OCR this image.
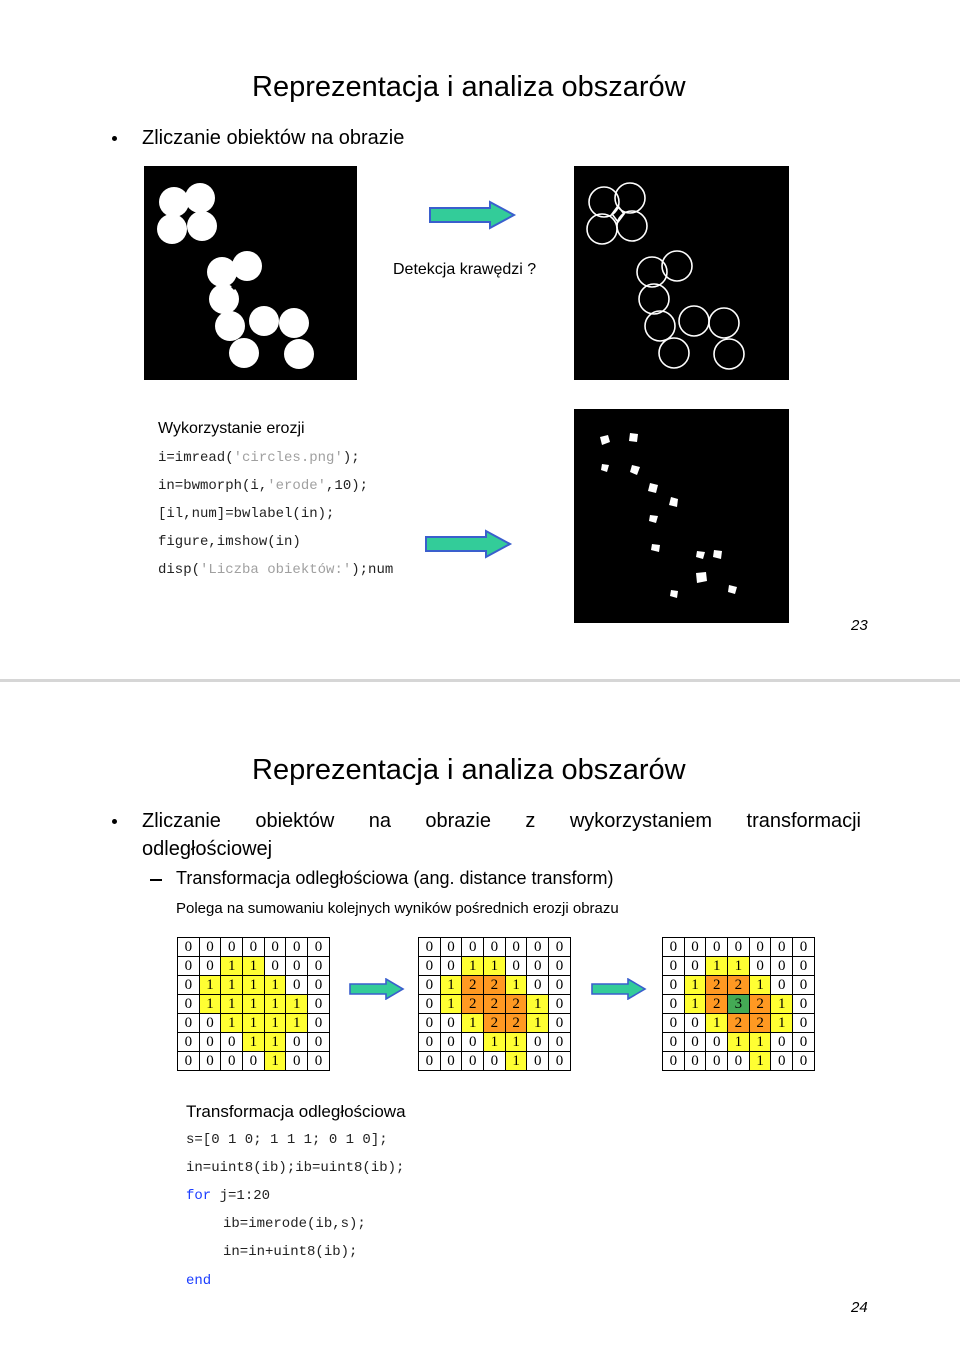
Reprezentacja i analiza obszarów
Zliczanie obiektów na obrazie
Detekcja krawędzi ?
Wykorzystanie erozji
i=imread('circles.png');
in=bwmorph(i,'erode',10);
[il,num]=bwlabel(in);
figure,imshow(in)
disp('Liczba obiektów:');num
23
Reprezentacja i analiza obszarów
Zliczanie obiektów na obrazie z wykorzystaniem transformacji
odległościowej
Transformacja odległościowa (ang. distance transform)
Polega na sumowaniu kolejnych wyników pośrednich erozji obrazu
0	0	0	0	0	0	0
0	0	1	1	0	0	0
0	1	1	1	1	0	0
0	1	1	1	1	1	0
0	0	1	1	1	1	0
0	0	0	1	1	0	0
0	0	0	0	1	0	0
0	0	0	0	0	0	0
0	0	1	1	0	0	0
0	1	2	2	1	0	0
0	1	2	2	2	1	0
0	0	1	2	2	1	0
0	0	0	1	1	0	0
0	0	0	0	1	0	0
0	0	0	0	0	0	0
0	0	1	1	0	0	0
0	1	2	2	1	0	0
0	1	2	3	2	1	0
0	0	1	2	2	1	0
0	0	0	1	1	0	0
0	0	0	0	1	0	0
Transformacja odległościowa
s=[0 1 0; 1 1 1; 0 1 0];
in=uint8(ib);ib=uint8(ib);
for j=1:20
ib=imerode(ib,s);
in=in+uint8(ib);
end
24
